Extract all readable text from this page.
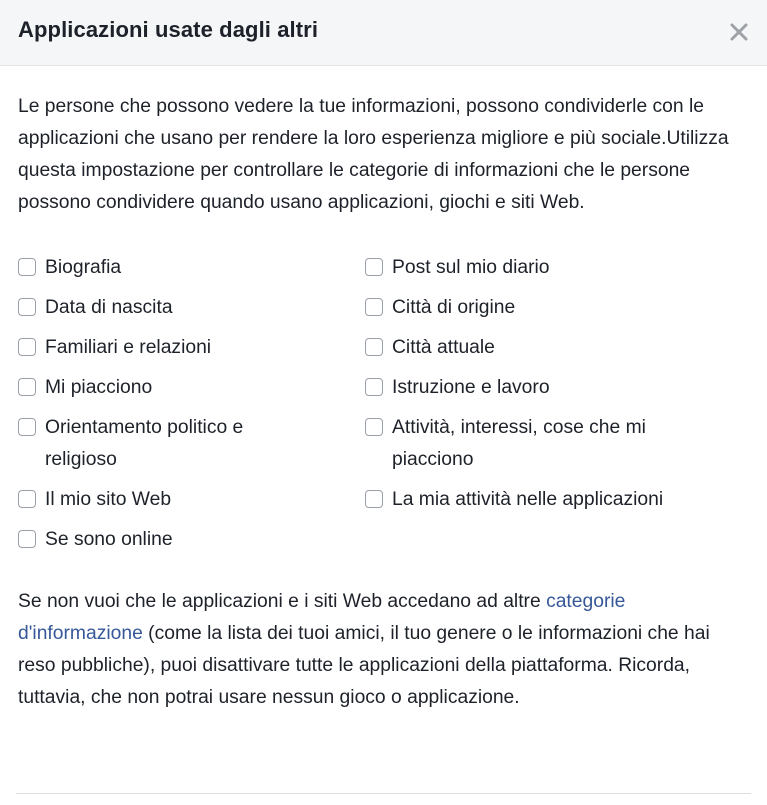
Applicazioni usate dagli altri

Le persone che possono vedere la tue informazioni, possono condividerle con le applicazioni che usano per rendere la loro esperienza migliore e più sociale.Utilizza questa impostazione per controllare le categorie di informazioni che le persone possono condividere quando usano applicazioni, giochi e siti Web.

Biografia
Data di nascita
Familiari e relazioni
Mi piacciono
Orientamento politico e religioso
Il mio sito Web
Se sono online
Post sul mio diario
Città di origine
Città attuale
Istruzione e lavoro
Attività, interessi, cose che mi piacciono
La mia attività nelle applicazioni

Se non vuoi che le applicazioni e i siti Web accedano ad altre categorie d'informazione (come la lista dei tuoi amici, il tuo genere o le informazioni che hai reso pubbliche), puoi disattivare tutte le applicazioni della piattaforma. Ricorda, tuttavia, che non potrai usare nessun gioco o applicazione.
